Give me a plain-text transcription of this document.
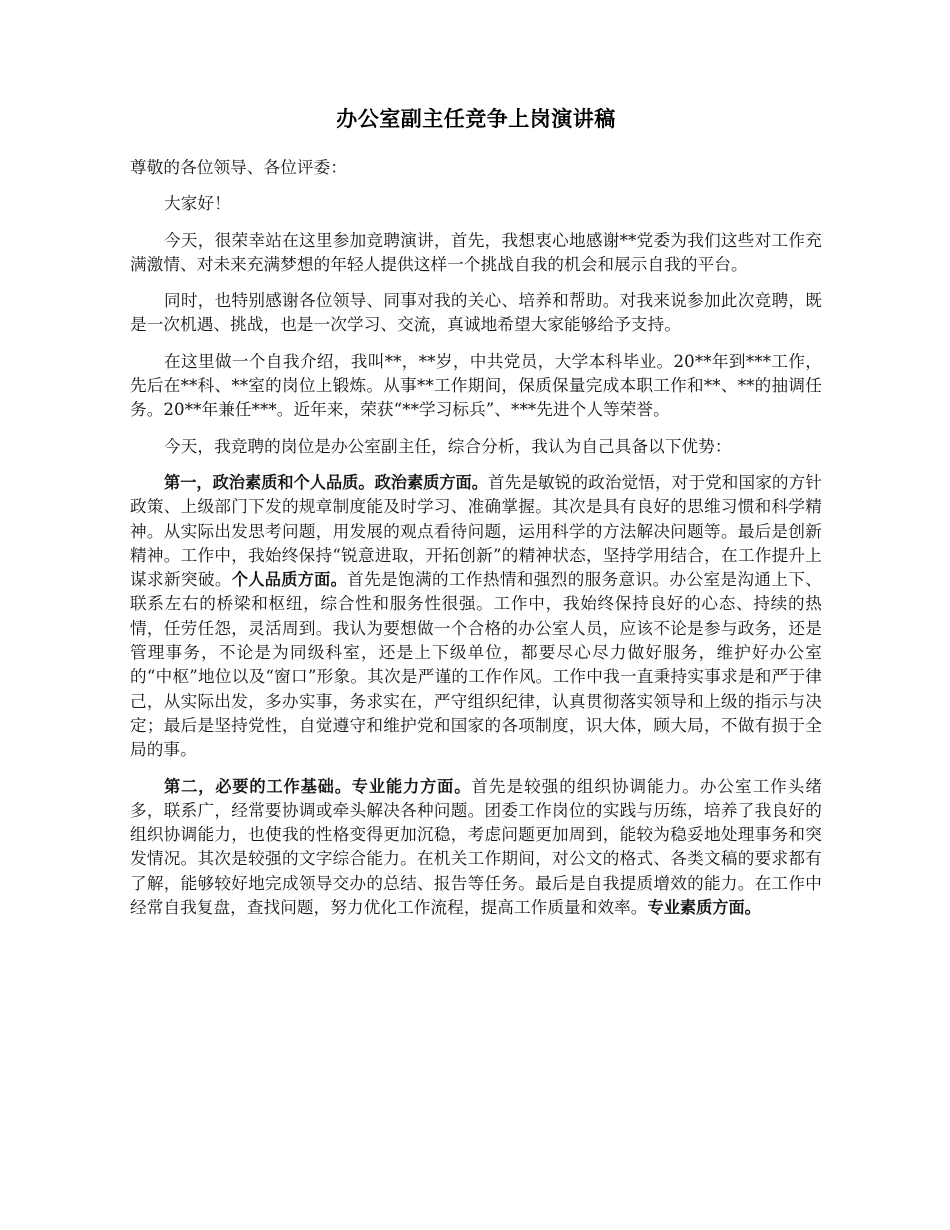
办公室副主任竞争上岗演讲稿

尊敬的各位领导、各位评委：

大家好！

今天，很荣幸站在这里参加竞聘演讲，首先，我想衷心地感谢**党委为我们这些对工作充满激情、对未来充满梦想的年轻人提供这样一个挑战自我的机会和展示自我的平台。

同时，也特别感谢各位领导、同事对我的关心、培养和帮助。对我来说参加此次竞聘，既是一次机遇、挑战，也是一次学习、交流，真诚地希望大家能够给予支持。

在这里做一个自我介绍，我叫**，**岁，中共党员，大学本科毕业。20**年到***工作，先后在**科、**室的岗位上锻炼。从事**工作期间，保质保量完成本职工作和**、**的抽调任务。20**年兼任***。近年来，荣获“**学习标兵”、***先进个人等荣誉。

今天，我竞聘的岗位是办公室副主任，综合分析，我认为自己具备以下优势：

第一，政治素质和个人品质。政治素质方面。首先是敏锐的政治觉悟，对于党和国家的方针政策、上级部门下发的规章制度能及时学习、准确掌握。其次是具有良好的思维习惯和科学精神。从实际出发思考问题，用发展的观点看待问题，运用科学的方法解决问题等。最后是创新精神。工作中，我始终保持“锐意进取，开拓创新”的精神状态，坚持学用结合，在工作提升上谋求新突破。个人品质方面。首先是饱满的工作热情和强烈的服务意识。办公室是沟通上下、联系左右的桥梁和枢纽，综合性和服务性很强。工作中，我始终保持良好的心态、持续的热情，任劳任怨，灵活周到。我认为要想做一个合格的办公室人员，应该不论是参与政务，还是管理事务，不论是为同级科室，还是上下级单位，都要尽心尽力做好服务，维护好办公室的“中枢”地位以及“窗口”形象。其次是严谨的工作作风。工作中我一直秉持实事求是和严于律己，从实际出发，多办实事，务求实在，严守组织纪律，认真贯彻落实领导和上级的指示与决定；最后是坚持党性，自觉遵守和维护党和国家的各项制度，识大体，顾大局，不做有损于全局的事。

第二，必要的工作基础。专业能力方面。首先是较强的组织协调能力。办公室工作头绪多，联系广，经常要协调或牵头解决各种问题。团委工作岗位的实践与历练，培养了我良好的组织协调能力，也使我的性格变得更加沉稳，考虑问题更加周到，能较为稳妥地处理事务和突发情况。其次是较强的文字综合能力。在机关工作期间，对公文的格式、各类文稿的要求都有了解，能够较好地完成领导交办的总结、报告等任务。最后是自我提质增效的能力。在工作中经常自我复盘，查找问题，努力优化工作流程，提高工作质量和效率。专业素质方面。
